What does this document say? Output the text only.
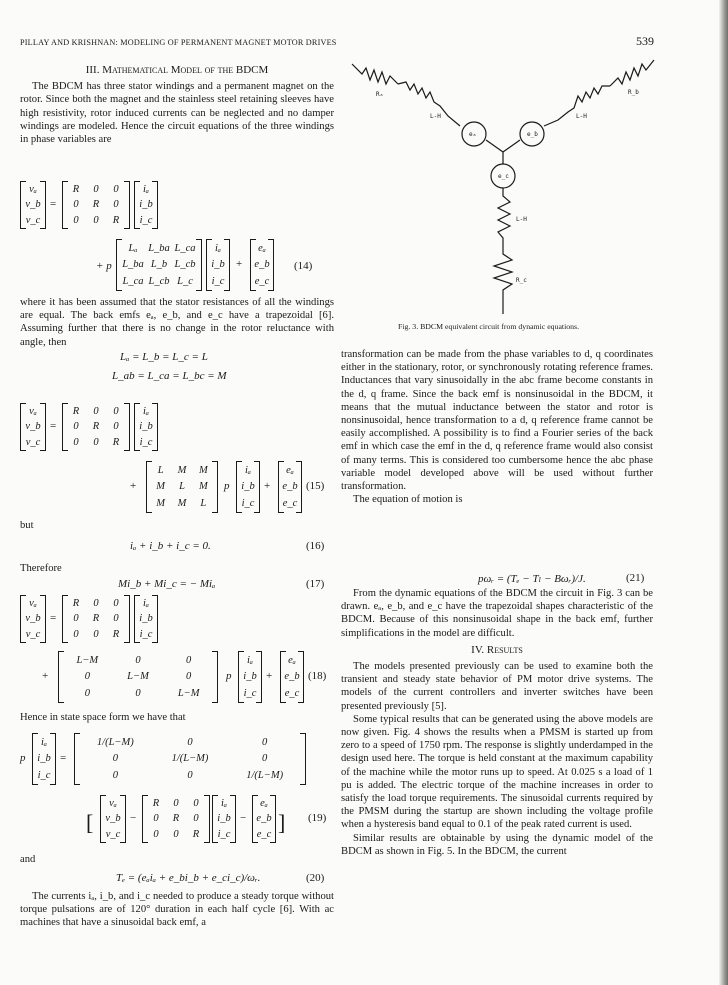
PILLAY AND KRISHNAN: MODELING OF PERMANENT MAGNET MOTOR DRIVES	539
III. Mathematical Model of the BDCM

The BDCM has three stator windings and a permanent magnet on the rotor. Since both the magnet and the stainless steel retaining sleeves have high resistivity, rotor induced currents can be neglected and no damper windings are modeled. Hence the circuit equations of the three windings in phase variables are

vₐ
v_b
v_c
=
R	0	0
0	R	0
0	0	R
iₐ
i_b
i_c
+ p
Lₐ	L_ba L_ca
L_ba L_b L_cb
L_ca L_cb L_c
iₐ
i_b
i_c
+
eₐ
e_b
e_c
(14)

where it has been assumed that the stator resistances of all the windings are equal. The back emfs eₐ, e_b, and e_c have a trapezoidal [6]. Assuming further that there is no change in the rotor reluctance with angle, then

Lₐ = L_b = L_c = L
L_ab = L_ca = L_bc = M
vₐ
v_b
v_c
=
R	0	0
0	R	0
0	0	R
iₐ
i_b
i_c
+
L	M	M
M	L	M
M	M	L
p
iₐ
i_b
i_c
+
eₐ
e_b
e_c
(15)
but
iₐ + i_b + i_c = 0.	(16)
Therefore
Mi_b + Mi_c = − Miₐ	(17)
vₐ
v_b
v_c
=
R	0	0
0	R	0
0	0	R
iₐ
i_b
i_c
+
L−M	0	0
0	L−M	0
0	0	L−M
p
iₐ
i_b
i_c
+
eₐ
e_b
e_c
(18)
Hence in state space form we have that
p
iₐ
i_b
i_c
=
1/(L−M)	0	0
0	1/(L−M)	0
0	0	1/(L−M)
[
vₐ
v_b
v_c
−
R	0	0
0	R	0
0	0	R
iₐ
i_b
i_c
−
eₐ
e_b
e_c ] (19)
and
Tₑ = (eₐiₐ + e_bi_b + e_ci_c)/ωᵣ.	(20)

The currents iₐ, i_b, and i_c needed to produce a steady torque without torque pulsations are of 120° duration in each half cycle [6]. With ac machines that have a sinusoidal back emf, a

Rₐ
L-H
eₐ
R_b
L-H
e_b
e_c
L-H
R_c
Fig. 3. BDCM equivalent circuit from dynamic equations.

transformation can be made from the phase variables to d, q coordinates either in the stationary, rotor, or synchronously rotating reference frames. Inductances that vary sinusoidally in the abc frame become constants in the d, q frame. Since the back emf is nonsinusoidal in the BDCM, it means that the mutual inductance between the stator and rotor is nonsinusoidal, hence transformation to a d, q reference frame cannot be easily accomplished. A possibility is to find a Fourier series of the back emf in which case the emf in the d, q reference frame would also consist of many terms. This is considered too cumbersome hence the abc phase variable model developed above will be used without further transformation.

The equation of motion is

pωᵣ = (Tₑ − Tₗ − Bωᵣ)/J.	(21)

From the dynamic equations of the BDCM the circuit in Fig. 3 can be drawn. eₐ, e_b, and e_c have the trapezoidal shapes characteristic of the BDCM. Because of this nonsinusoidal shape in the back emf, further simplifications in the model are difficult.

IV. Results

The models presented previously can be used to examine both the transient and steady state behavior of PM motor drive systems. The models of the current controllers and inverter switches have been presented previously [5].

Some typical results that can be generated using the above models are now given. Fig. 4 shows the results when a PMSM is started up from zero to a speed of 1750 rpm. The response is slightly underdamped in the design used here. The torque is held constant at the maximum capability of the machine while the motor runs up to speed. At 0.025 s a load of 1 pu is added. The electric torque of the machine increases in order to satisfy the load torque requirements. The sinusoidal currents required by the PMSM during the startup are shown including the voltage profile when a hysteresis band equal to 0.1 of the peak rated current is used.

Similar results are obtainable by using the dynamic model of the BDCM as shown in Fig. 5. In the BDCM, the current
